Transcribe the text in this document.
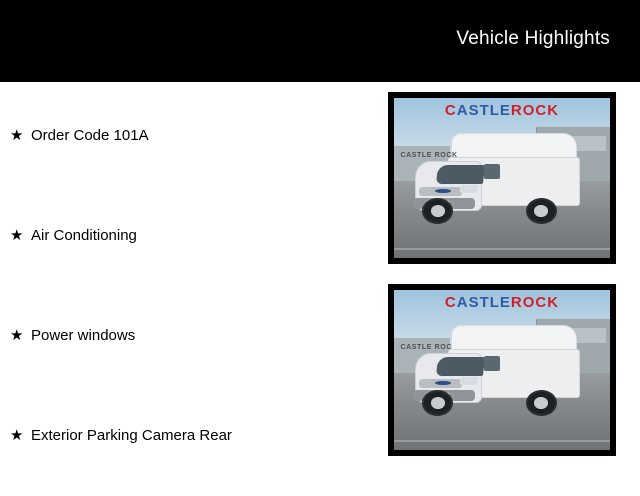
Vehicle Highlights
★ Order Code 101A
★ Air Conditioning
★ Power windows
★ Exterior Parking Camera Rear
CASTLEROCK
CASTLE ROCK
CASTLEROCK
CASTLE ROC
